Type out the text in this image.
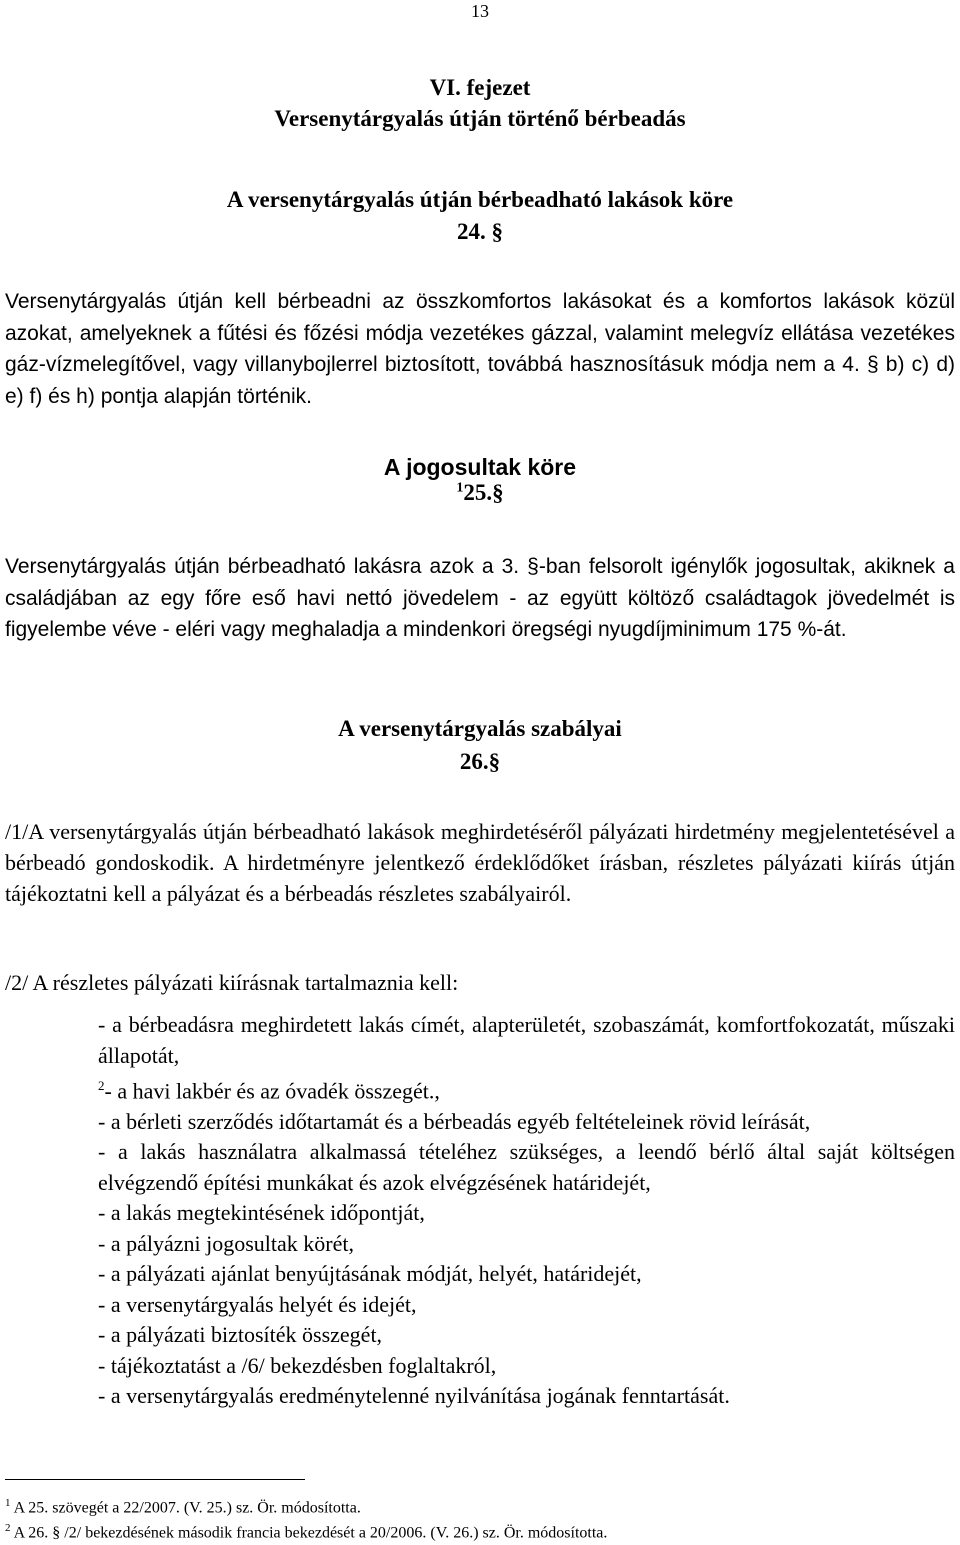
13
VI. fejezet
Versenytárgyalás útján történő bérbeadás
A versenytárgyalás útján bérbeadható lakások köre
24. §
Versenytárgyalás útján kell bérbeadni az összkomfortos lakásokat és a komfortos lakások közül azokat, amelyeknek a fűtési és főzési módja vezetékes gázzal, valamint melegvíz ellátása vezetékes gáz-vízmelegítővel, vagy villanybojlerrel biztosított, továbbá hasznosításuk módja nem a 4. § b) c) d) e) f) és h) pontja alapján történik.
A jogosultak köre
$^1$25.§
Versenytárgyalás útján bérbeadható lakásra azok a 3. §-ban felsorolt igénylők jogosultak, akiknek a családjában az egy főre eső havi nettó jövedelem - az együtt költöző családtagok jövedelmét is figyelembe véve - eléri vagy meghaladja a mindenkori öregségi nyugdíjminimum 175 %-át.
A versenytárgyalás szabályai
26.§
/1/A versenytárgyalás útján bérbeadható lakások meghirdetéséről pályázati hirdetmény megjelentetésével a bérbeadó gondoskodik. A hirdetményre jelentkező érdeklődőket írásban, részletes pályázati kiírás útján tájékoztatni kell a pályázat és a bérbeadás részletes szabályairól.
/2/ A részletes pályázati kiírásnak tartalmaznia kell:
- a bérbeadásra meghirdetett lakás címét, alapterületét, szobaszámát, komfortfokozatát, műszaki állapotát,
$^2$- a havi lakbér és az óvadék összegét.,
- a bérleti szerződés időtartamát és a bérbeadás egyéb feltételeinek rövid leírását,
- a lakás használatra alkalmassá tételéhez szükséges, a leendő bérlő által saját költségen elvégzendő építési munkákat és azok elvégzésének határidejét,
- a lakás megtekintésének időpontját,
- a pályázni jogosultak körét,
- a pályázati ajánlat benyújtásának módját, helyét, határidejét,
- a versenytárgyalás helyét és idejét,
- a pályázati biztosíték összegét,
- tájékoztatást a /6/ bekezdésben foglaltakról,
- a versenytárgyalás eredménytelenné nyilvánítása jogának fenntartását.
$^1$ A 25. szövegét a 22/2007. (V. 25.) sz. Ör. módosította.
$^2$ A 26. § /2/ bekezdésének második francia bekezdését a 20/2006. (V. 26.) sz. Ör. módosította.
